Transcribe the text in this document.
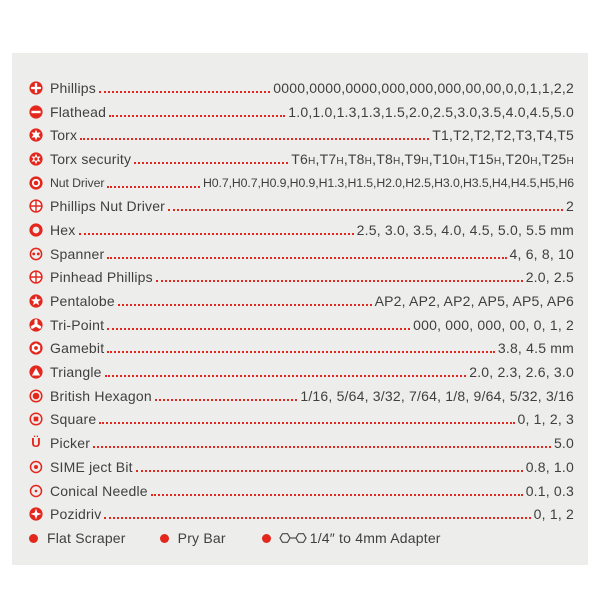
Phillips	0000,0000,0000,000,000,000,00,00,0,0,1,1,2,2
Flathead	1.0,1.0,1.3,1.3,1.5,2.0,2.5,3.0,3.5,4.0,4.5,5.0
Torx	T1,T2,T2,T2,T3,T4,T5
Torx security	T6H,T7H,T8H,T8H,T9H,T10H,T15H,T20H,T25H
Nut Driver	H0.7,H0.7,H0.9,H0.9,H1.3,H1.5,H2.0,H2.5,H3.0,H3.5,H4,H4.5,H5,H6
Phillips Nut Driver	2
Hex	2.5, 3.0, 3.5, 4.0, 4.5, 5.0, 5.5 mm
Spanner	4, 6, 8, 10
Pinhead Phillips	2.0, 2.5
Pentalobe	AP2, AP2, AP2, AP5, AP5, AP6
Tri-Point	000, 000, 000, 00, 0, 1, 2
Gamebit	3.8, 4.5 mm
Triangle	2.0, 2.3, 2.6, 3.0
British Hexagon	1/16, 5/64, 3/32, 7/64, 1/8, 9/64, 5/32, 3/16
Square	0, 1, 2, 3
Ü Picker	5.0
SIME ject Bit	0.8, 1.0
Conical Needle	0.1, 0.3
Pozidriv	0, 1, 2
Flat Scraper	Pry Bar	1/4″ to 4mm Adapter
